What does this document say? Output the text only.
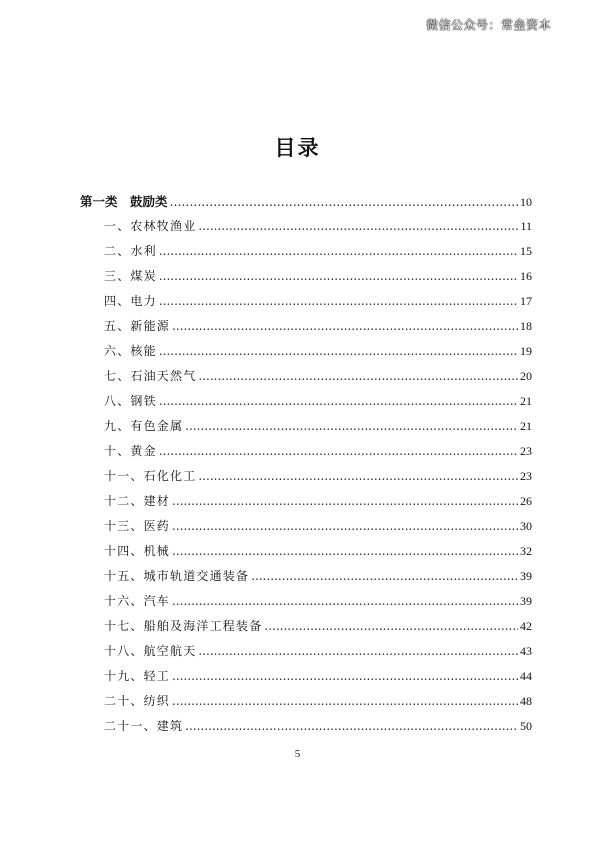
微信公众号：常垒资本
目录
第一类　鼓励类 .....	10
一、农林牧渔业 .....	11
二、水利 .....	15
三、煤炭 .....	16
四、电力 .....	17
五、新能源 .....	18
六、核能 .....	19
七、石油天然气 .....	20
八、钢铁 .....	21
九、有色金属 .....	21
十、黄金 .....	23
十一、石化化工 .....	23
十二、建材 .....	26
十三、医药 .....	30
十四、机械 .....	32
十五、城市轨道交通装备 .....	39
十六、汽车 .....	39
十七、船舶及海洋工程装备 .....	42
十八、航空航天 .....	43
十九、轻工 .....	44
二十、纺织 .....	48
二十一、建筑 .....	50
5
